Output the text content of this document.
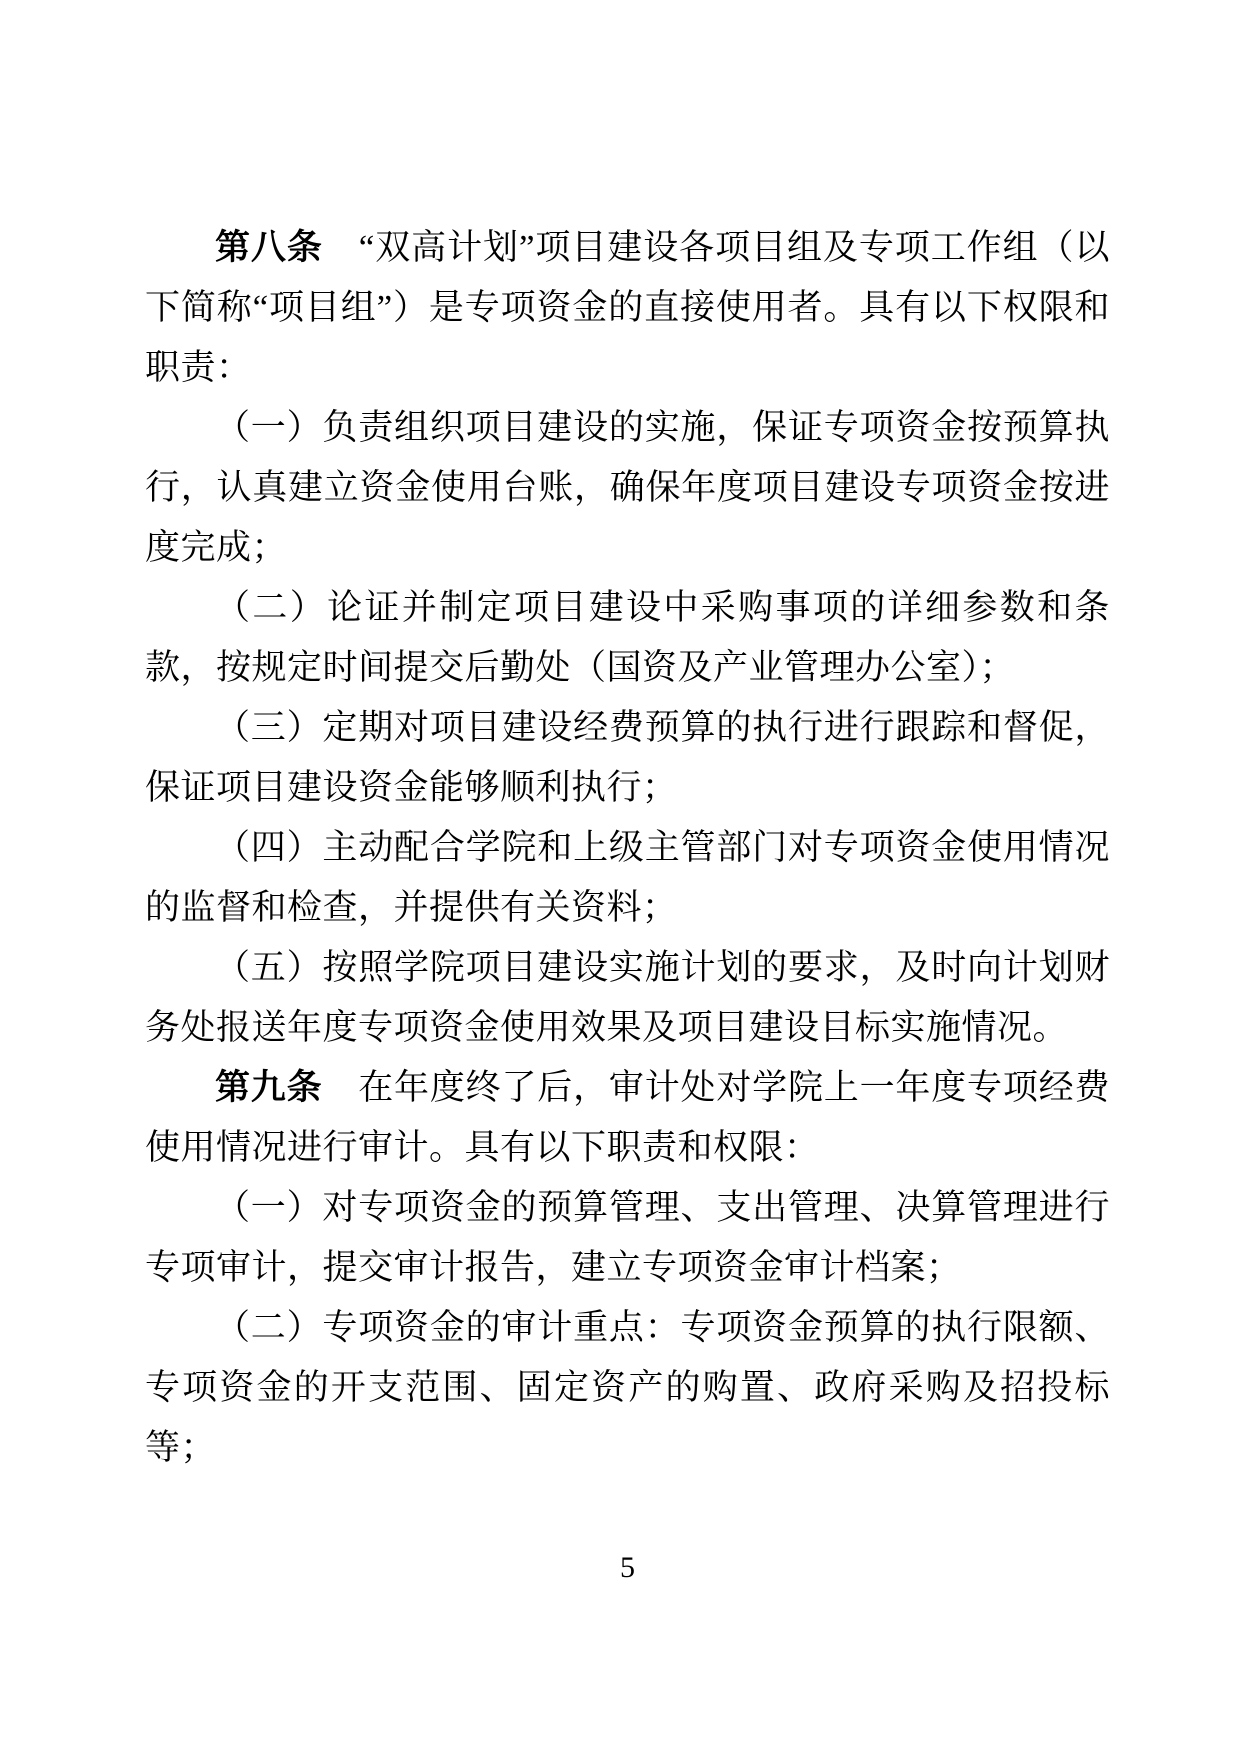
第八条　“双高计划”项目建设各项目组及专项工作组（以下简称“项目组”）是专项资金的直接使用者。具有以下权限和职责：

（一）负责组织项目建设的实施，保证专项资金按预算执行，认真建立资金使用台账，确保年度项目建设专项资金按进度完成；

（二）论证并制定项目建设中采购事项的详细参数和条款，按规定时间提交后勤处（国资及产业管理办公室）；

（三）定期对项目建设经费预算的执行进行跟踪和督促，保证项目建设资金能够顺利执行；

（四）主动配合学院和上级主管部门对专项资金使用情况的监督和检查，并提供有关资料；

（五）按照学院项目建设实施计划的要求，及时向计划财务处报送年度专项资金使用效果及项目建设目标实施情况。

第九条　在年度终了后，审计处对学院上一年度专项经费使用情况进行审计。具有以下职责和权限：

（一）对专项资金的预算管理、支出管理、决算管理进行专项审计，提交审计报告，建立专项资金审计档案；

（二）专项资金的审计重点：专项资金预算的执行限额、专项资金的开支范围、固定资产的购置、政府采购及招投标等；

5
